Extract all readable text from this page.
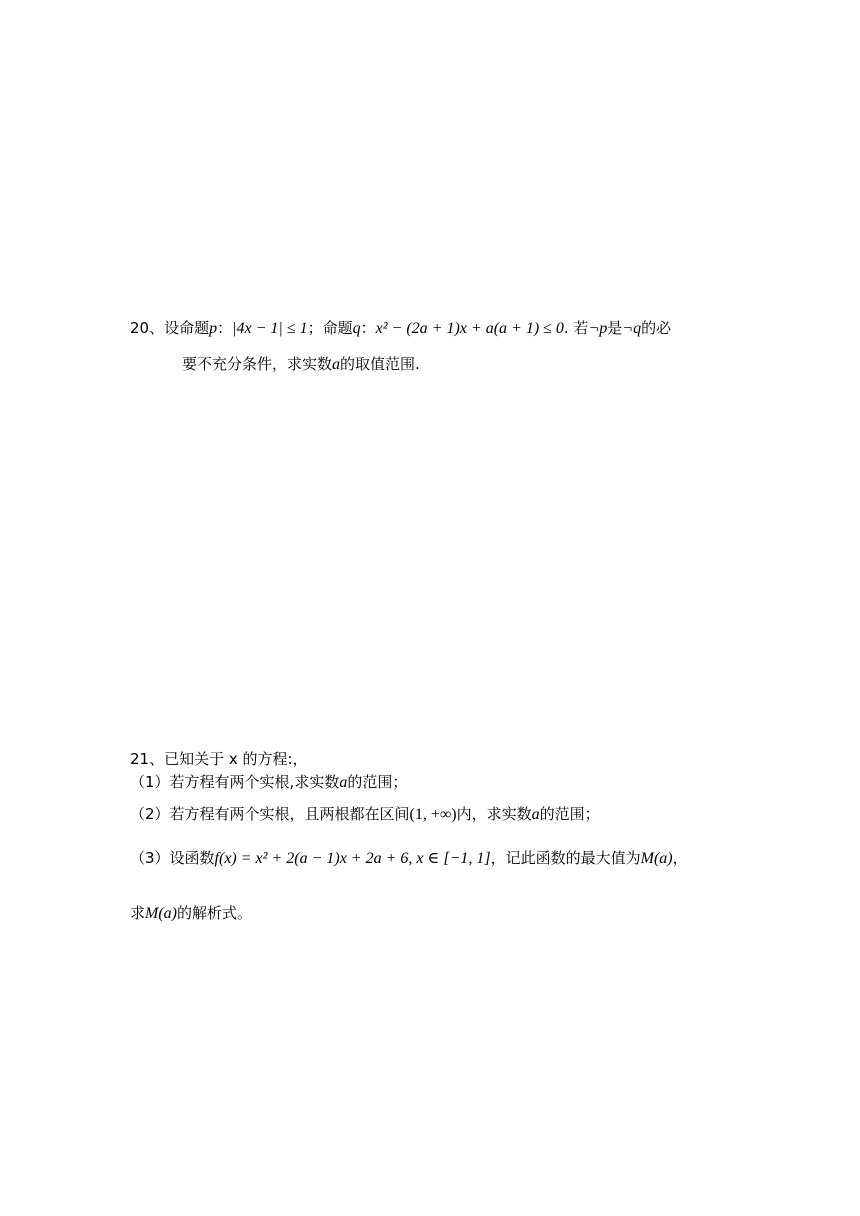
20、设命题p：|4x − 1| ≤ 1；命题q：x² − (2a + 1)x + a(a + 1) ≤ 0. 若¬p是¬q的必
要不充分条件，求实数a的取值范围.
21、已知关于 x 的方程:，
（1）若方程有两个实根,求实数a的范围；
（2）若方程有两个实根，且两根都在区间(1, +∞)内，求实数a的范围；
（3）设函数f(x) = x² + 2(a − 1)x + 2a + 6, x ∈ [−1, 1]，记此函数的最大值为M(a)，
求M(a)的解析式。
